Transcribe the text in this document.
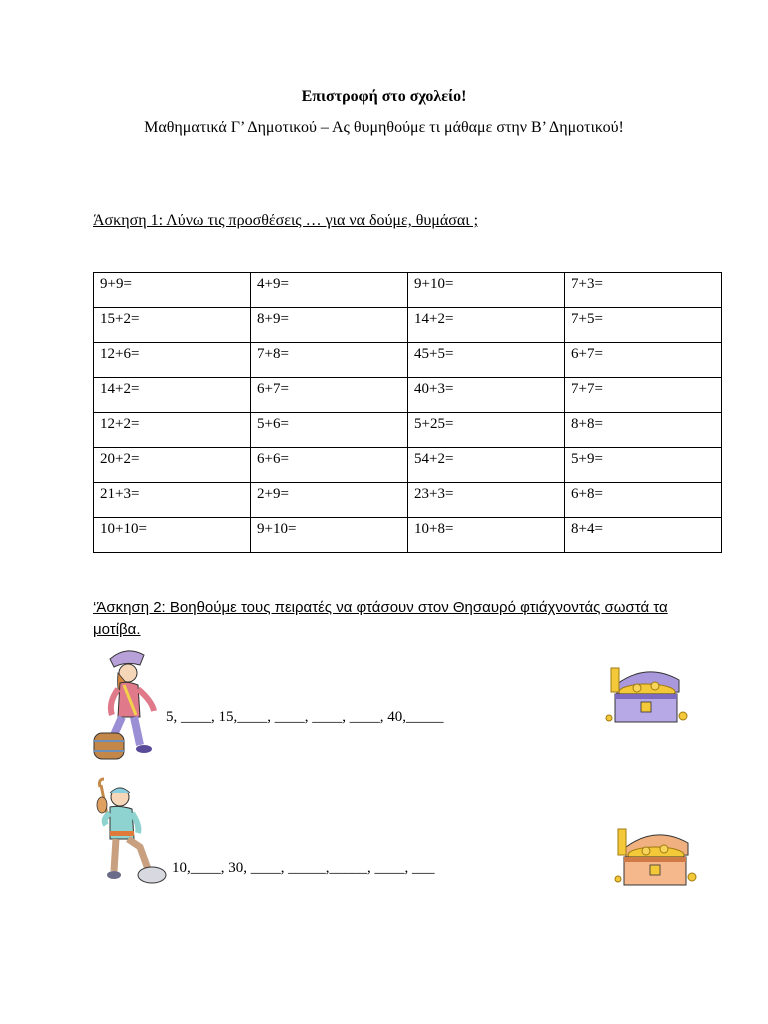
Επιστροφή στο σχολείο!
Μαθηματικά Γ’ Δημοτικού – Ας θυμηθούμε τι μάθαμε στην Β’ Δημοτικού!
Άσκηση 1: Λύνω τις προσθέσεις … για να δούμε, θυμάσαι ;
9+9=	4+9=	9+10=	7+3=
15+2=	8+9=	14+2=	7+5=
12+6=	7+8=	45+5=	6+7=
14+2=	6+7=	40+3=	7+7=
12+2=	5+6=	5+25=	8+8=
20+2=	6+6=	54+2=	5+9=
21+3=	2+9=	23+3=	6+8=
10+10=	9+10=	10+8=	8+4=
‘Άσκηση 2: Βοηθούμε τους πειρατές να φτάσουν στον Θησαυρό φτιάχνοντάς σωστά τα μοτίβα.
5, ____, 15,____, ____, ____, ____, 40,_____
10,____, 30, ____, _____,_____, ____, ___
